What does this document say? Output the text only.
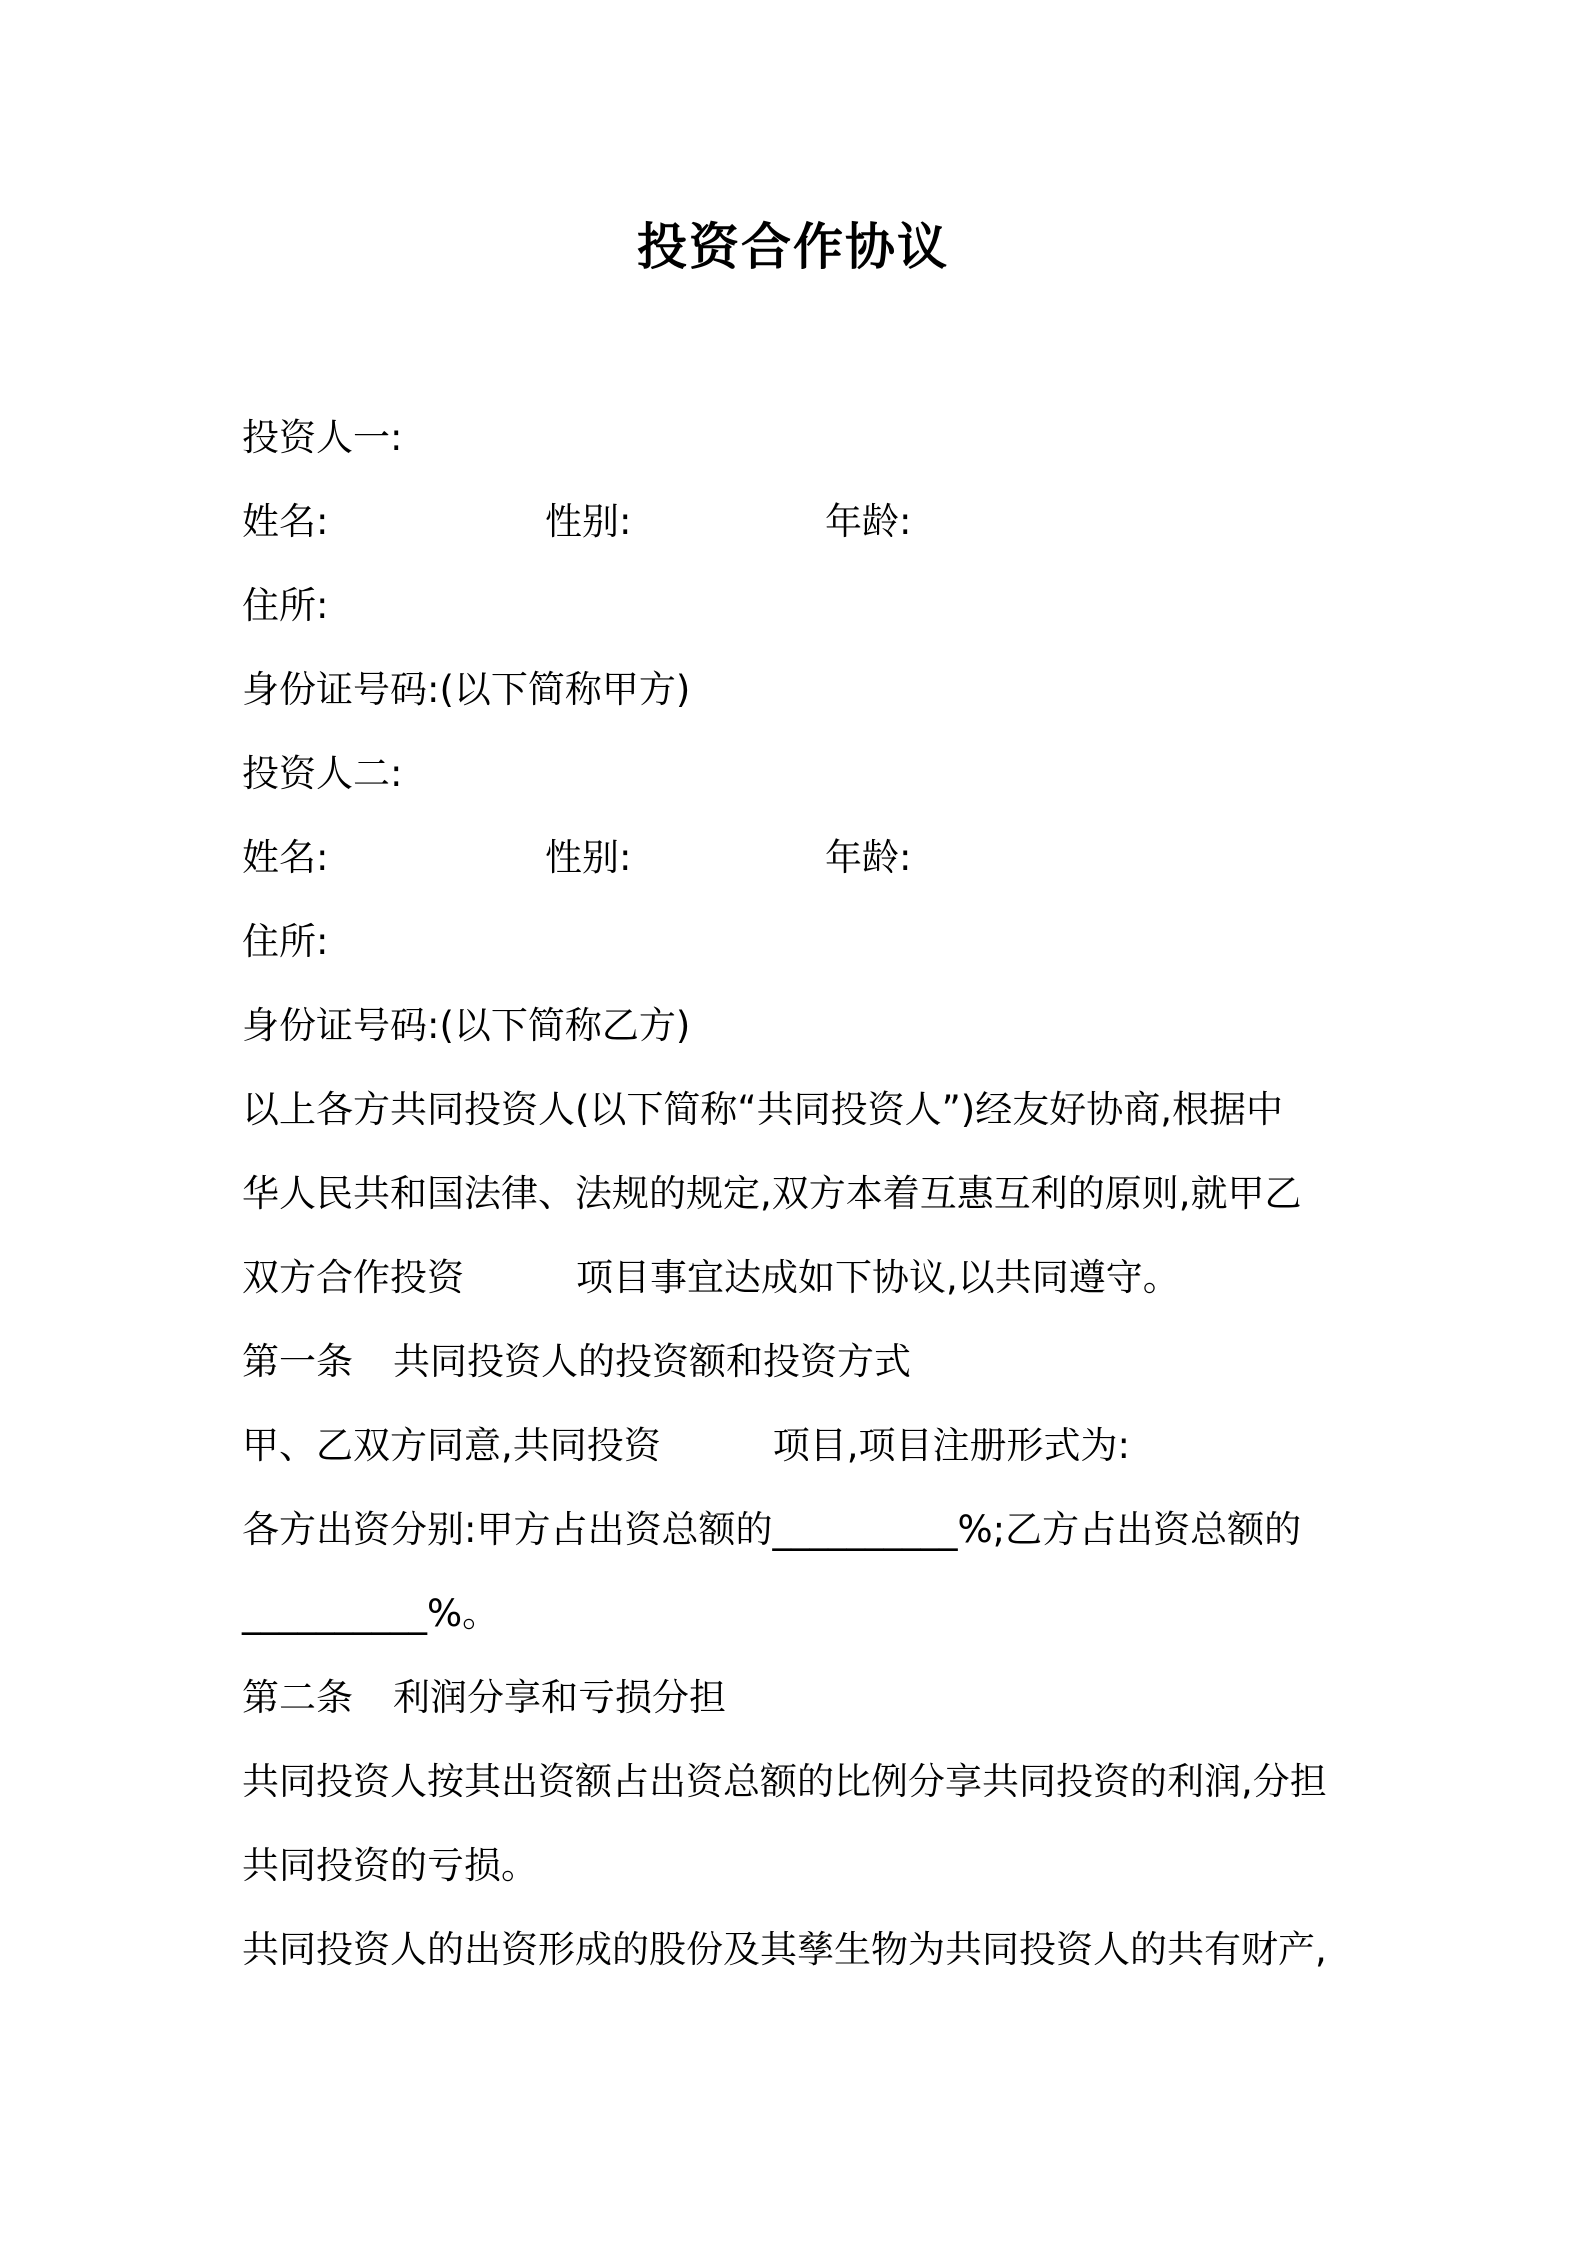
投资合作协议
投资人一:
姓名:	性别:	年龄:
住所:
身份证号码:(以下简称甲方)
投资人二:
姓名:	性别:	年龄:
住所:
身份证号码:(以下简称乙方)
以上各方共同投资人(以下简称“共同投资人”)经友好协商,根据中
华人民共和国法律、法规的规定,双方本着互惠互利的原则,就甲乙
双方合作投资	项目事宜达成如下协议,以共同遵守。
第一条 共同投资人的投资额和投资方式
甲、乙双方同意,共同投资	项目,项目注册形式为:
各方出资分别:甲方占出资总额的__________%;乙方占出资总额的
__________%。
第二条 利润分享和亏损分担
共同投资人按其出资额占出资总额的比例分享共同投资的利润,分担
共同投资的亏损。
共同投资人的出资形成的股份及其孳生物为共同投资人的共有财产,
